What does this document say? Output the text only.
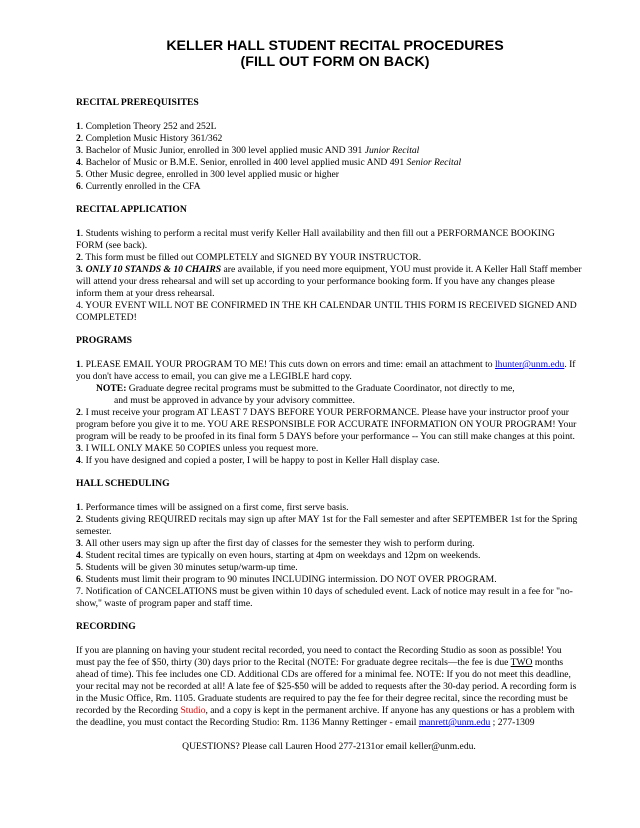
KELLER HALL STUDENT RECITAL PROCEDURES
(FILL OUT FORM ON BACK)

RECITAL PREREQUISITES

1. Completion Theory 252 and 252L

2. Completion Music History 361/362

3. Bachelor of Music Junior, enrolled in 300 level applied music AND 391 Junior Recital

4. Bachelor of Music or B.M.E. Senior, enrolled in 400 level applied music AND 491 Senior Recital

5. Other Music degree, enrolled in 300 level applied music or higher

6. Currently enrolled in the CFA

RECITAL APPLICATION

1. Students wishing to perform a recital must verify Keller Hall availability and then fill out a PERFORMANCE BOOKING FORM (see back).

2. This form must be filled out COMPLETELY and SIGNED BY YOUR INSTRUCTOR.

3. ONLY 10 STANDS & 10 CHAIRS are available, if you need more equipment, YOU must provide it. A Keller Hall Staff member will attend your dress rehearsal and will set up according to your performance booking form. If you have any changes please inform them at your dress rehearsal.

4. YOUR EVENT WILL NOT BE CONFIRMED IN THE KH CALENDAR UNTIL THIS FORM IS RECEIVED SIGNED AND COMPLETED!

PROGRAMS

1. PLEASE EMAIL YOUR PROGRAM TO ME! This cuts down on errors and time: email an attachment to lhunter@unm.edu. If you don't have access to email, you can give me a LEGIBLE hard copy.

NOTE: Graduate degree recital programs must be submitted to the Graduate Coordinator, not directly to me,
and must be approved in advance by your advisory committee.

2. I must receive your program AT LEAST 7 DAYS BEFORE YOUR PERFORMANCE. Please have your instructor proof your program before you give it to me. YOU ARE RESPONSIBLE FOR ACCURATE INFORMATION ON YOUR PROGRAM! Your program will be ready to be proofed in its final form 5 DAYS before your performance -- You can still make changes at this point.

3. I WILL ONLY MAKE 50 COPIES unless you request more.

4. If you have designed and copied a poster, I will be happy to post in Keller Hall display case.

HALL SCHEDULING

1. Performance times will be assigned on a first come, first serve basis.

2. Students giving REQUIRED recitals may sign up after MAY 1st for the Fall semester and after SEPTEMBER 1st for the Spring semester.

3. All other users may sign up after the first day of classes for the semester they wish to perform during.

4. Student recital times are typically on even hours, starting at 4pm on weekdays and 12pm on weekends.

5. Students will be given 30 minutes setup/warm-up time.

6. Students must limit their program to 90 minutes INCLUDING intermission. DO NOT OVER PROGRAM.

7. Notification of CANCELATIONS must be given within 10 days of scheduled event. Lack of notice may result in a fee for "no-show," waste of program paper and staff time.

RECORDING

If you are planning on having your student recital recorded, you need to contact the Recording Studio as soon as possible! You must pay the fee of $50, thirty (30) days prior to the Recital (NOTE: For graduate degree recitals—the fee is due TWO months ahead of time). This fee includes one CD. Additional CDs are offered for a minimal fee. NOTE: If you do not meet this deadline, your recital may not be recorded at all! A late fee of $25-$50 will be added to requests after the 30-day period. A recording form is in the Music Office, Rm. 1105. Graduate students are required to pay the fee for their degree recital, since the recording must be recorded by the Recording Studio, and a copy is kept in the permanent archive. If anyone has any questions or has a problem with the deadline, you must contact the Recording Studio: Rm. 1136 Manny Rettinger - email manrett@unm.edu ; 277-1309

QUESTIONS? Please call Lauren Hood 277-2131or email keller@unm.edu.
